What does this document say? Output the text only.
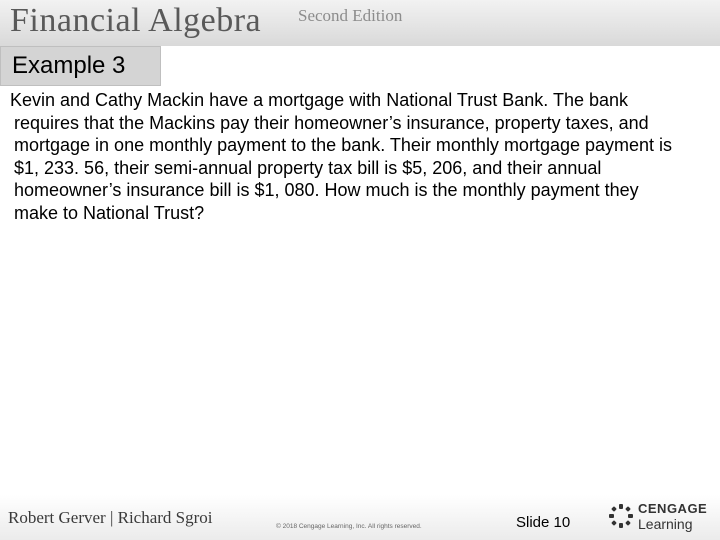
Financial Algebra Second Edition
Example 3

Kevin and Cathy Mackin have a mortgage with National Trust Bank. The bank requires that the Mackins pay their homeowner’s insurance, property taxes, and mortgage in one monthly payment to the bank. Their monthly mortgage payment is $1, 233. 56, their semi-annual property tax bill is $5, 206, and their annual homeowner’s insurance bill is $1, 080. How much is the monthly payment they make to National Trust?

Robert Gerver | Richard Sgroi	© 2018 Cengage Learning, Inc. All rights reserved.	Slide 10
CENGAGE
Learning
